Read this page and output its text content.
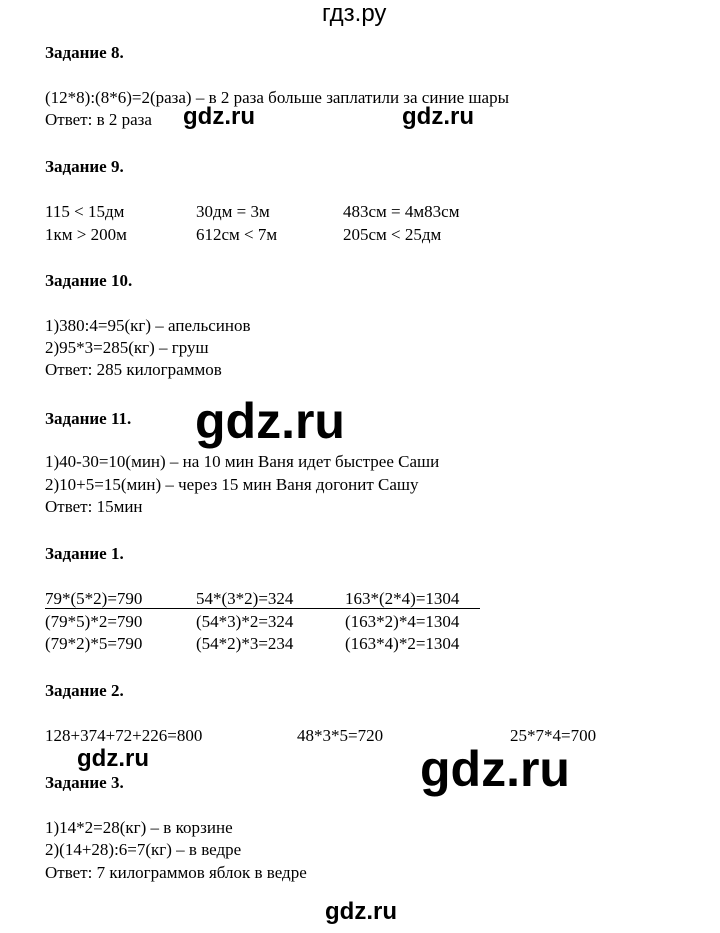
гдз.ру
Задание 8.
(12*8):(8*6)=2(раза) – в 2 раза больше заплатили за синие шары
Ответ: в 2 раза
Задание 9.
115 < 15дм	30дм = 3м	483см = 4м83см
1км > 200м	612см < 7м	205см < 25дм
Задание 10.
1)380:4=95(кг) – апельсинов
2)95*3=285(кг) – груш
Ответ: 285 килограммов
Задание 11.
1)40-30=10(мин) – на 10 мин Ваня идет быстрее Саши
2)10+5=15(мин) – через 15 мин Ваня догонит Сашу
Ответ: 15мин
Задание 1.
79*(5*2)=790	54*(3*2)=324	163*(2*4)=1304
(79*5)*2=790	(54*3)*2=324	(163*2)*4=1304
(79*2)*5=790	(54*2)*3=234	(163*4)*2=1304
Задание 2.
128+374+72+226=800	48*3*5=720	25*7*4=700
Задание 3.
1)14*2=28(кг) – в корзине
2)(14+28):6=7(кг) – в ведре
Ответ: 7 килограммов яблок в ведре
gdz.ru	gdz.ru
gdz.ru
gdz.ru	gdz.ru
gdz.ru
